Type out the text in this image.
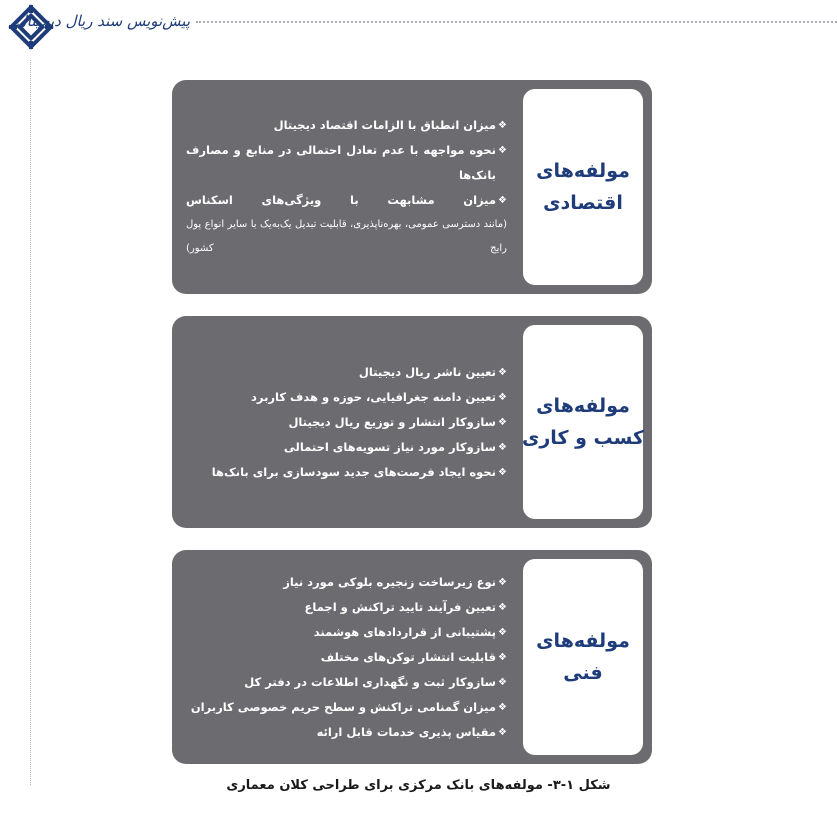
پیش‌نویس سند ریال دیجیتال
مولفه‌های
اقتصادی
❖
میزان انطباق با الزامات اقتصاد دیجیتال
❖
نحوه مواجهه با عدم تعادل احتمالی در منابع و مصارف بانک‌ها
❖
میزان مشابهت با ویژگی‌های اسکناس
(مانند دسترسی عمومی، بهره‌ناپذیری، قابلیت تبدیل یک‌به‌یک با سایر انواع پول رایج کشور)
مولفه‌های
کسب و کاری
❖
تعیین ناشر ریال دیجیتال
❖
تعیین دامنه جغرافیایی، حوزه و هدف کاربرد
❖
سازوکار انتشار و توزیع ریال دیجیتال
❖
سازوکار مورد نیاز تسویه‌های احتمالی
❖
نحوه ایجاد فرصت‌های جدید سودسازی برای بانک‌ها
مولفه‌های
فنی
❖
نوع زیرساخت زنجیره بلوکی مورد نیاز
❖
تعیین فرآیند تایید تراکنش و اجماع
❖
پشتیبانی از قراردادهای هوشمند
❖
قابلیت انتشار توکن‌های مختلف
❖
سازوکار ثبت و نگهداری اطلاعات در دفتر کل
❖
میزان گمنامی تراکنش و سطح حریم خصوصی کاربران
❖
مقیاس پذیری خدمات قابل ارائه
شکل ۱-۳- مولفه‌های بانک مرکزی برای طراحی کلان معماری
